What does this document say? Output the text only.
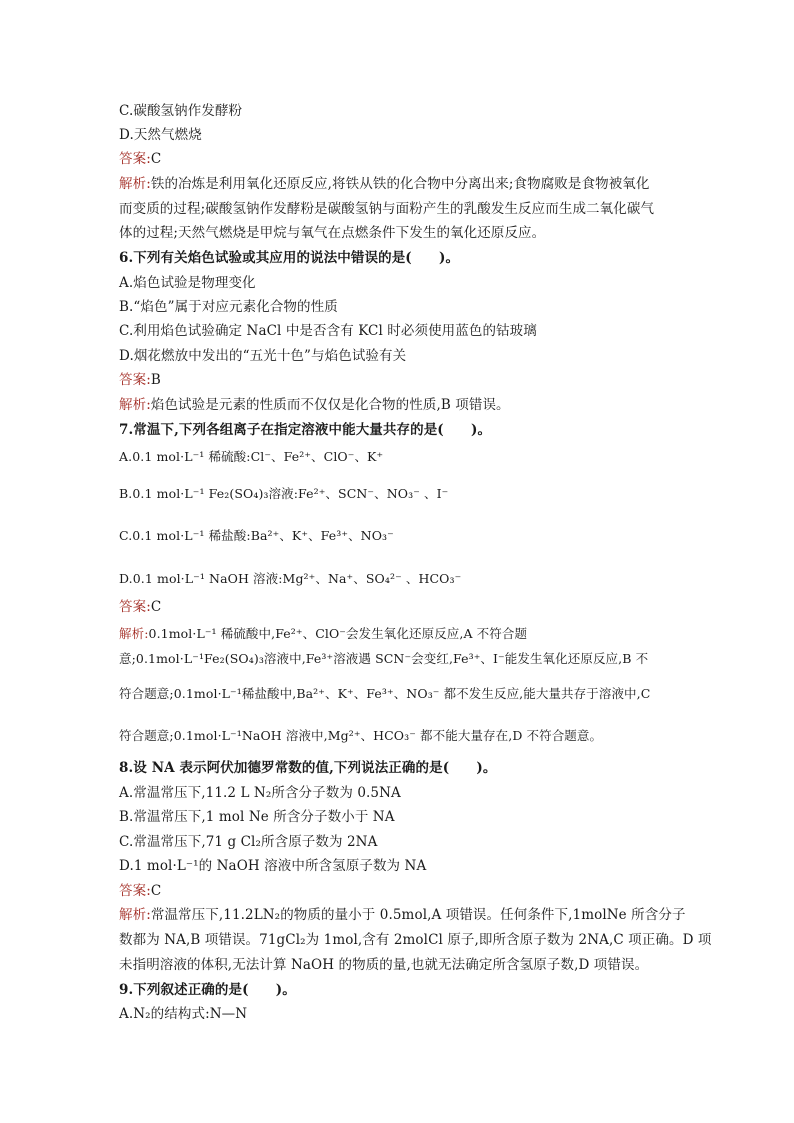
C.碳酸氢钠作发酵粉
D.天然气燃烧
答案:C
解析:铁的冶炼是利用氧化还原反应,将铁从铁的化合物中分离出来;食物腐败是食物被氧化
而变质的过程;碳酸氢钠作发酵粉是碳酸氢钠与面粉产生的乳酸发生反应而生成二氧化碳气
体的过程;天然气燃烧是甲烷与氧气在点燃条件下发生的氧化还原反应。
6.下列有关焰色试验或其应用的说法中错误的是(　　)。
A.焰色试验是物理变化
B.“焰色”属于对应元素化合物的性质
C.利用焰色试验确定 NaCl 中是否含有 KCl 时必须使用蓝色的钴玻璃
D.烟花燃放中发出的“五光十色”与焰色试验有关
答案:B
解析:焰色试验是元素的性质而不仅仅是化合物的性质,B 项错误。
7.常温下,下列各组离子在指定溶液中能大量共存的是(　　)。
A.0.1 mol·L⁻¹ 稀硫酸:Cl⁻、Fe²⁺、ClO⁻、K⁺
B.0.1 mol·L⁻¹ Fe₂(SO₄)₃溶液:Fe²⁺、SCN⁻、NO₃⁻ 、I⁻
C.0.1 mol·L⁻¹ 稀盐酸:Ba²⁺、K⁺、Fe³⁺、NO₃⁻
D.0.1 mol·L⁻¹ NaOH 溶液:Mg²⁺、Na⁺、SO₄²⁻ 、HCO₃⁻
答案:C
解析:0.1mol·L⁻¹ 稀硫酸中,Fe²⁺、ClO⁻会发生氧化还原反应,A 不符合题
意;0.1mol·L⁻¹Fe₂(SO₄)₃溶液中,Fe³⁺溶液遇 SCN⁻会变红,Fe³⁺、I⁻能发生氧化还原反应,B 不
符合题意;0.1mol·L⁻¹稀盐酸中,Ba²⁺、K⁺、Fe³⁺、NO₃⁻ 都不发生反应,能大量共存于溶液中,C
符合题意;0.1mol·L⁻¹NaOH 溶液中,Mg²⁺、HCO₃⁻ 都不能大量存在,D 不符合题意。
8.设 NA 表示阿伏加德罗常数的值,下列说法正确的是(　　)。
A.常温常压下,11.2 L N₂所含分子数为 0.5NA
B.常温常压下,1 mol Ne 所含分子数小于 NA
C.常温常压下,71 g Cl₂所含原子数为 2NA
D.1 mol·L⁻¹的 NaOH 溶液中所含氢原子数为 NA
答案:C
解析:常温常压下,11.2LN₂的物质的量小于 0.5mol,A 项错误。任何条件下,1molNe 所含分子
数都为 NA,B 项错误。71gCl₂为 1mol,含有 2molCl 原子,即所含原子数为 2NA,C 项正确。D 项
未指明溶液的体积,无法计算 NaOH 的物质的量,也就无法确定所含氢原子数,D 项错误。
9.下列叙述正确的是(　　)。
A.N₂的结构式:N—N
